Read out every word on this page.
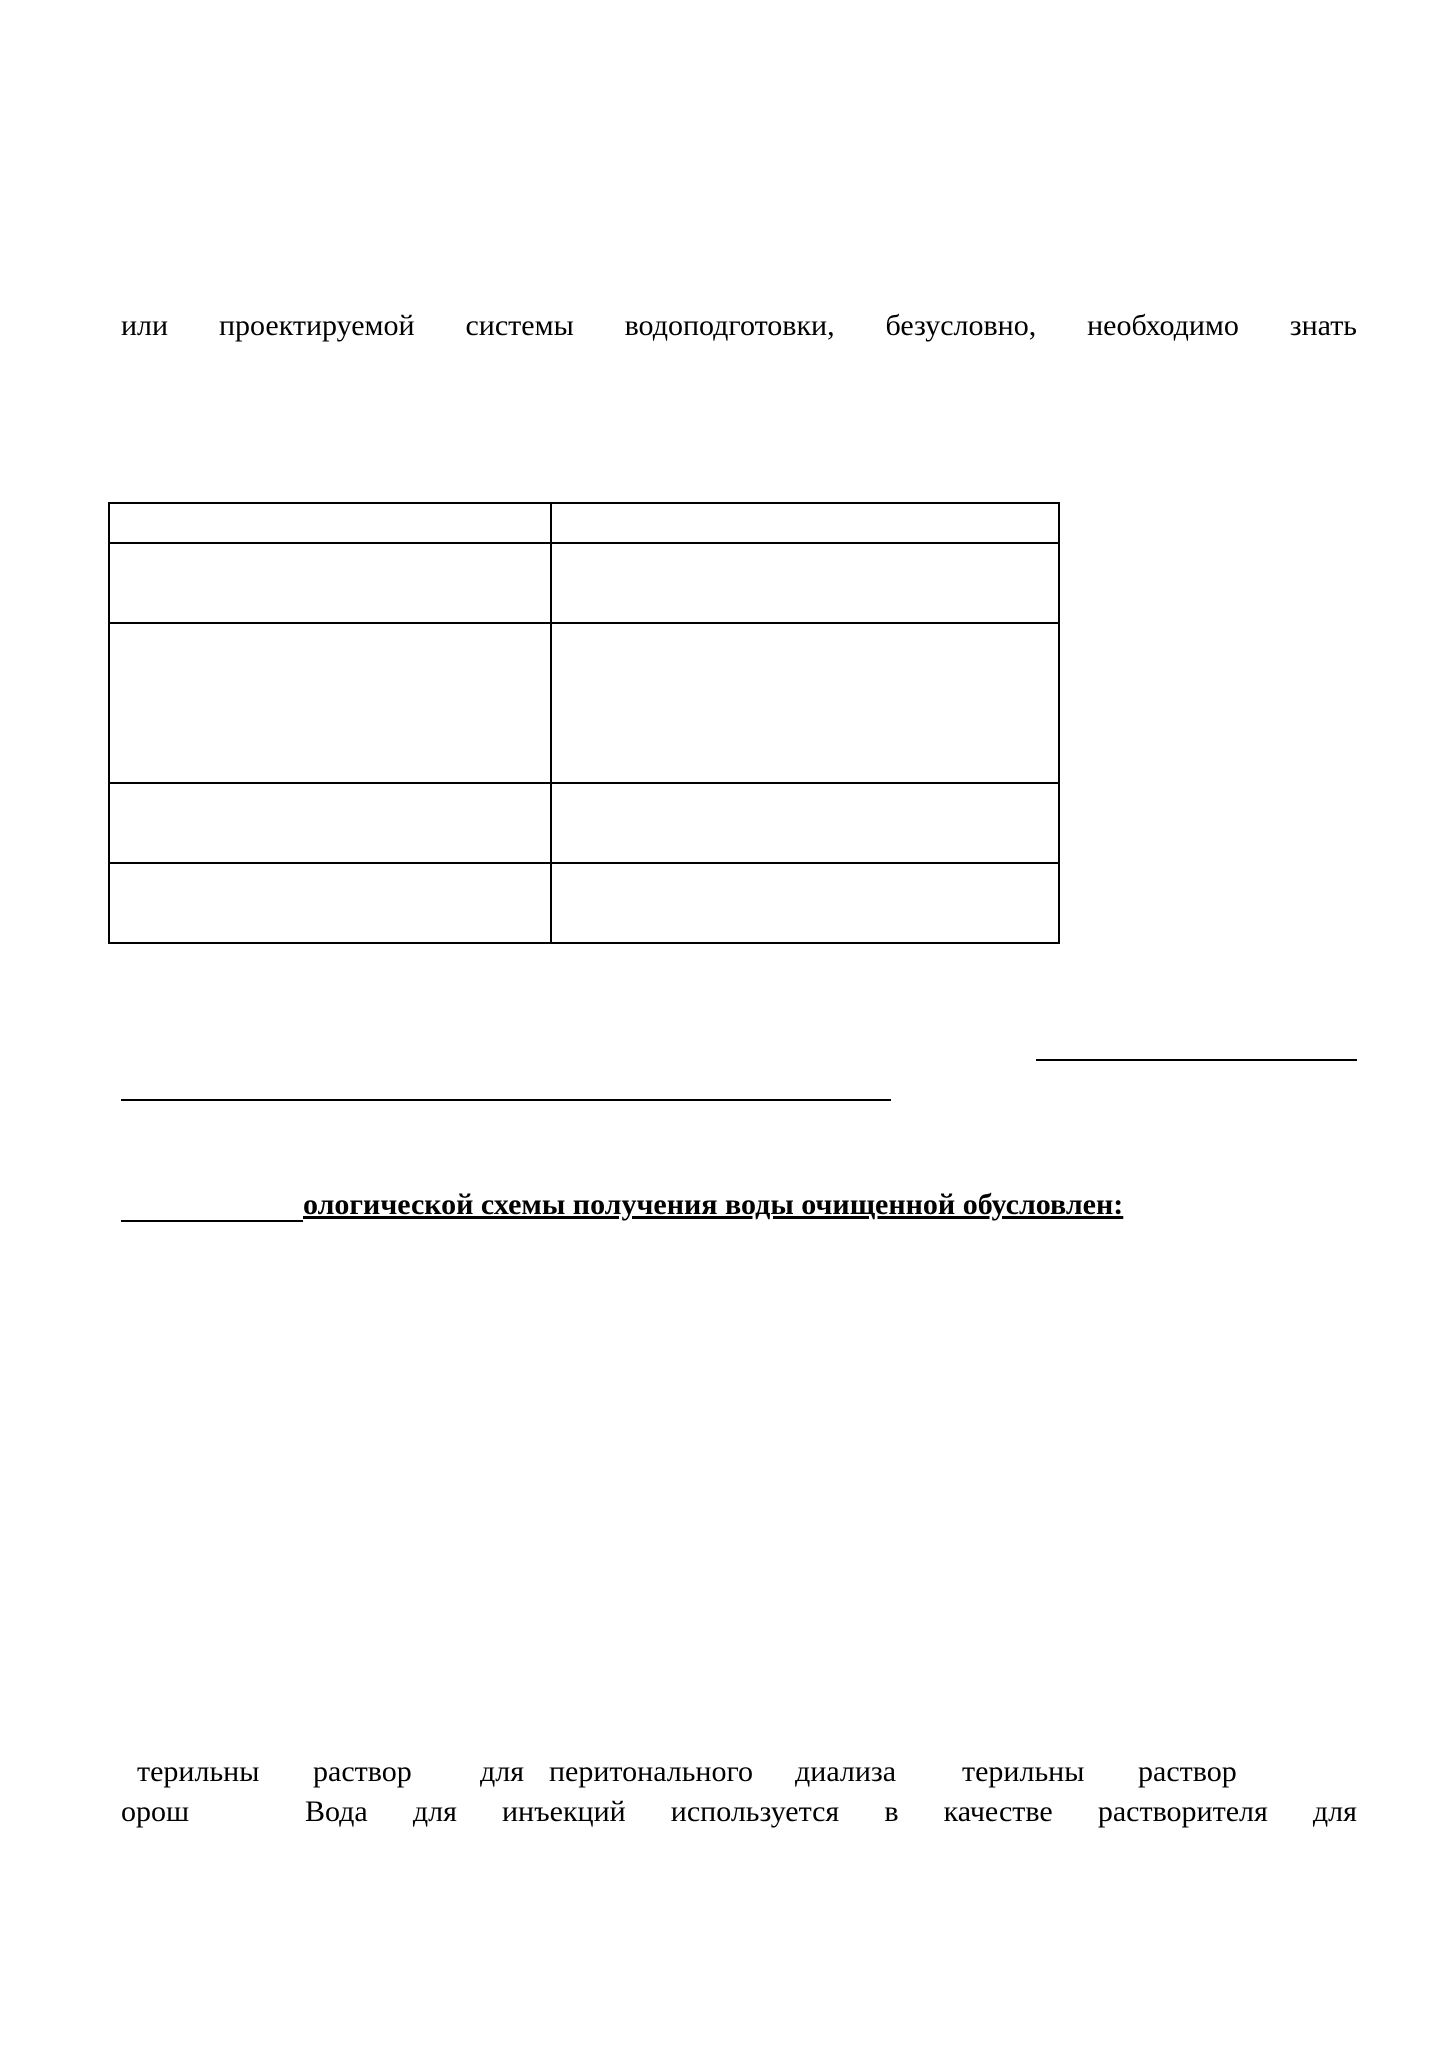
или проектируемой системы водоподготовки, безусловно, необходимо знать

ологической схемы получения воды очищенной обусловлен:
терильны раствор для перитонального диализа терильны раствор
орош	Вода для инъекций используется в качестве растворителя для
